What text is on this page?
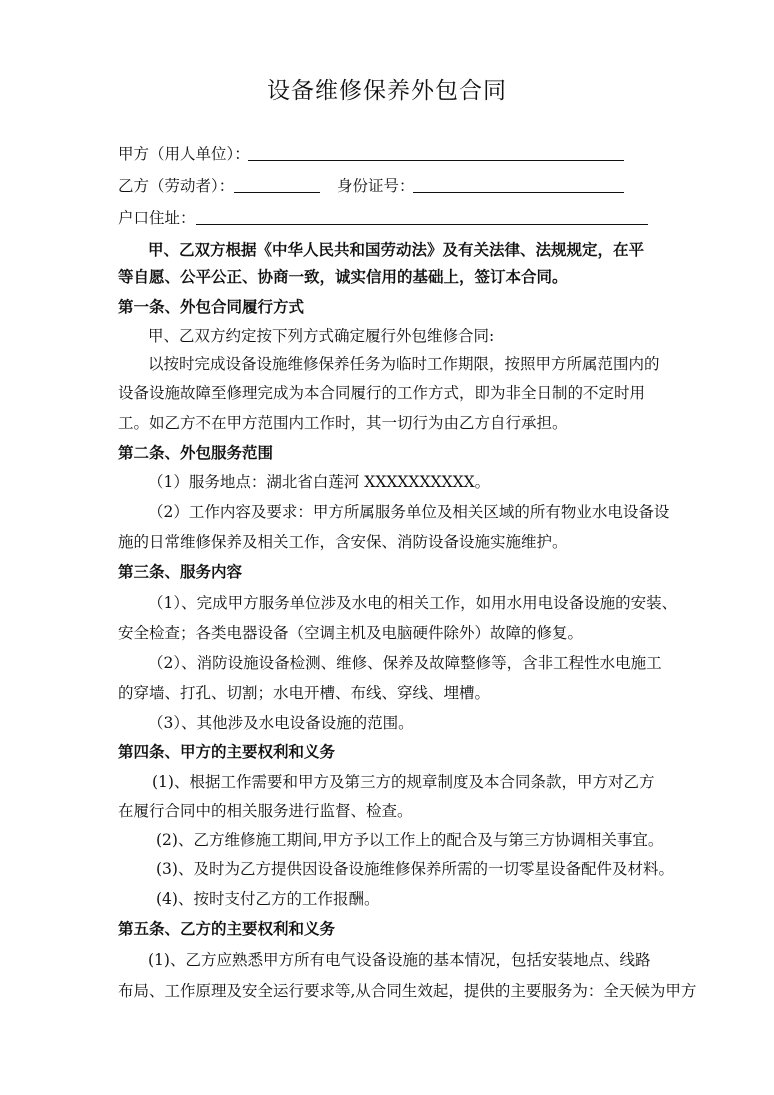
设备维修保养外包合同
甲方（用人单位）：
乙方（劳动者）：	身份证号：
户口住址：
甲、乙双方根据《中华人民共和国劳动法》及有关法律、法规规定，在平
等自愿、公平公正、协商一致，诚实信用的基础上，签订本合同。
第一条、外包合同履行方式
甲、乙双方约定按下列方式确定履行外包维修合同:
以按时完成设备设施维修保养任务为临时工作期限，按照甲方所属范围内的
设备设施故障至修理完成为本合同履行的工作方式，即为非全日制的不定时用
工。如乙方不在甲方范围内工作时，其一切行为由乙方自行承担。
第二条、外包服务范围
（1）服务地点：湖北省白莲河 XXXXXXXXXX。
（2）工作内容及要求：甲方所属服务单位及相关区域的所有物业水电设备设
施的日常维修保养及相关工作，含安保、消防设备设施实施维护。
第三条、服务内容
（1）、完成甲方服务单位涉及水电的相关工作，如用水用电设备设施的安装、
安全检查；各类电器设备（空调主机及电脑硬件除外）故障的修复。
（2）、消防设施设备检测、维修、保养及故障整修等，含非工程性水电施工
的穿墙、打孔、切割；水电开槽、布线、穿线、埋槽。
（3）、其他涉及水电设备设施的范围。
第四条、甲方的主要权利和义务
(1)、根据工作需要和甲方及第三方的规章制度及本合同条款，甲方对乙方
在履行合同中的相关服务进行监督、检查。
(2)、乙方维修施工期间,甲方予以工作上的配合及与第三方协调相关事宜。
(3)、及时为乙方提供因设备设施维修保养所需的一切零星设备配件及材料。
(4)、按时支付乙方的工作报酬。
第五条、乙方的主要权利和义务
(1)、乙方应熟悉甲方所有电气设备设施的基本情况，包括安装地点、线路
布局、工作原理及安全运行要求等,从合同生效起，提供的主要服务为：全天候为甲方
